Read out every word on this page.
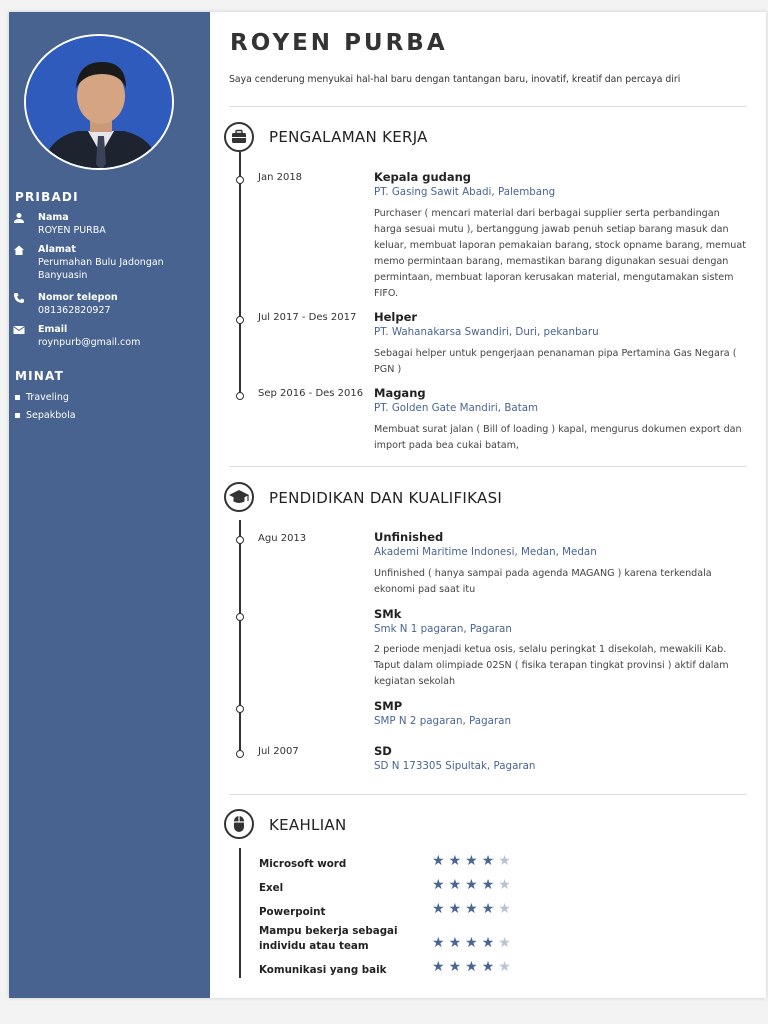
PRIBADI
Nama
ROYEN PURBA
Alamat
Perumahan Bulu Jadongan Banyuasin
Nomor telepon
081362820927
Email
roynpurb@gmail.com
MINAT
Traveling
Sepakbola
ROYEN PURBA
Saya cenderung menyukai hal-hal baru dengan tantangan baru, inovatif, kreatif dan percaya diri
PENGALAMAN KERJA
Jan 2018	Kepala gudang
PT. Gasing Sawit Abadi, Palembang
Purchaser ( mencari material dari berbagai supplier serta perbandingan harga sesuai mutu ), bertanggung jawab penuh setiap barang masuk dan keluar, membuat laporan pemakaian barang, stock opname barang, memuat memo permintaan barang, memastikan barang digunakan sesuai dengan permintaan, membuat laporan kerusakan material, mengutamakan sistem FIFO.
Jul 2017 - Des 2017 Helper
PT. Wahanakarsa Swandiri, Duri, pekanbaru
Sebagai helper untuk pengerjaan penanaman pipa Pertamina Gas Negara ( PGN )
Sep 2016 - Des 2016 Magang
PT. Golden Gate Mandiri, Batam
Membuat surat jalan ( Bill of loading ) kapal, mengurus dokumen export dan import pada bea cukai batam,
PENDIDIKAN DAN KUALIFIKASI
Agu 2013	Unfinished
Akademi Maritime Indonesi, Medan, Medan
Unfinished ( hanya sampai pada agenda MAGANG ) karena terkendala ekonomi pad saat itu
SMk
Smk N 1 pagaran, Pagaran
2 periode menjadi ketua osis, selalu peringkat 1 disekolah, mewakili Kab. Taput dalam olimpiade 02SN ( fisika terapan tingkat provinsi ) aktif dalam kegiatan sekolah
SMP
SMP N 2 pagaran, Pagaran
Jul 2007	SD
SD N 173305 Sipultak, Pagaran
KEAHLIAN
Microsoft word	★★★★★
Exel	★★★★★
Powerpoint	★★★★★
Mampu bekerja sebagai individu atau team	★★★★★
Komunikasi yang baik	★★★★★
